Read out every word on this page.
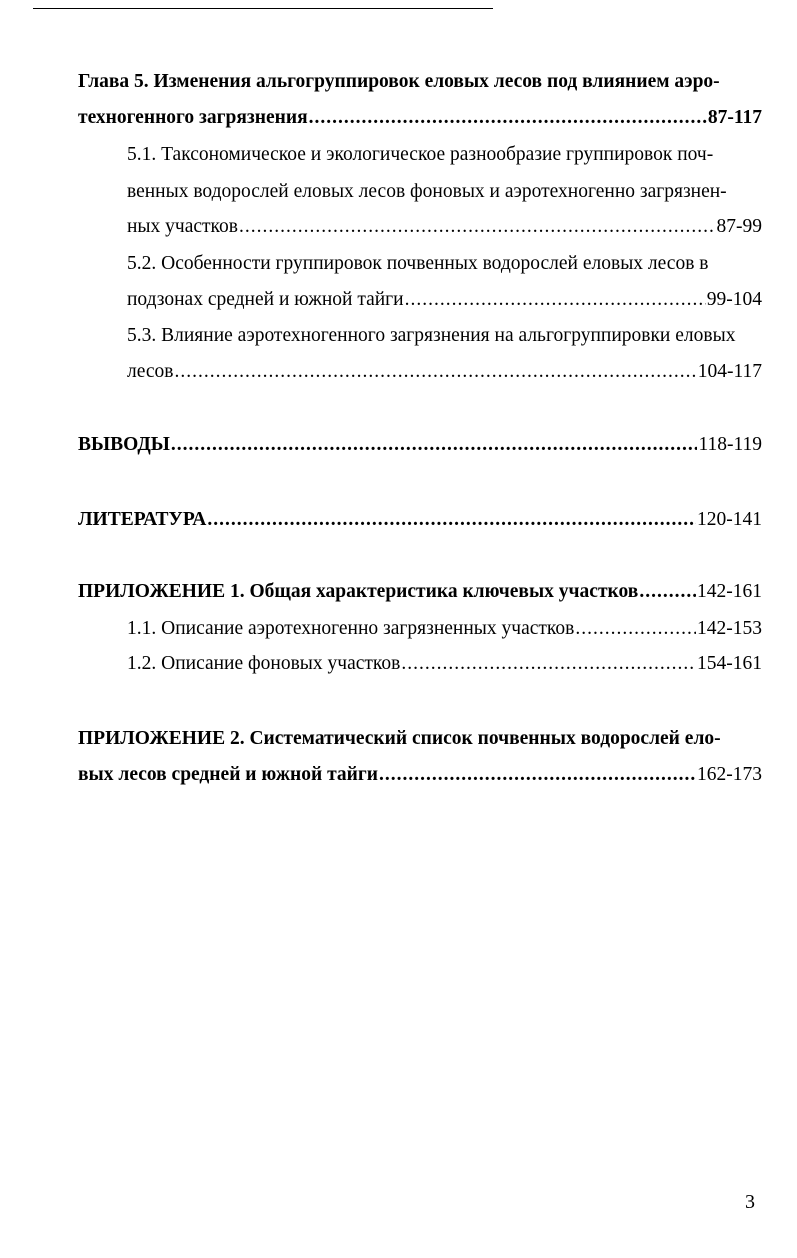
Глава 5. Изменения альгогруппировок еловых лесов под влиянием аэро-
техногенного загрязнения .....	87-117
5.1. Таксономическое и экологическое разнообразие группировок поч-
венных водорослей еловых лесов фоновых и аэротехногенно загрязнен-
ных участков .....	87-99
5.2. Особенности группировок почвенных водорослей еловых лесов в
подзонах средней и южной тайги .....	99-104
5.3. Влияние аэротехногенного загрязнения на альгогруппировки еловых
лесов .....	104-117
ВЫВОДЫ .....	118-119
ЛИТЕРАТУРА .....	120-141
ПРИЛОЖЕНИЕ 1. Общая характеристика ключевых участков .....	142-161
1.1. Описание аэротехногенно загрязненных участков .....	142-153
1.2. Описание фоновых участков .....	154-161
ПРИЛОЖЕНИЕ 2. Систематический список почвенных водорослей ело-
вых лесов средней и южной тайги .....	162-173
3
